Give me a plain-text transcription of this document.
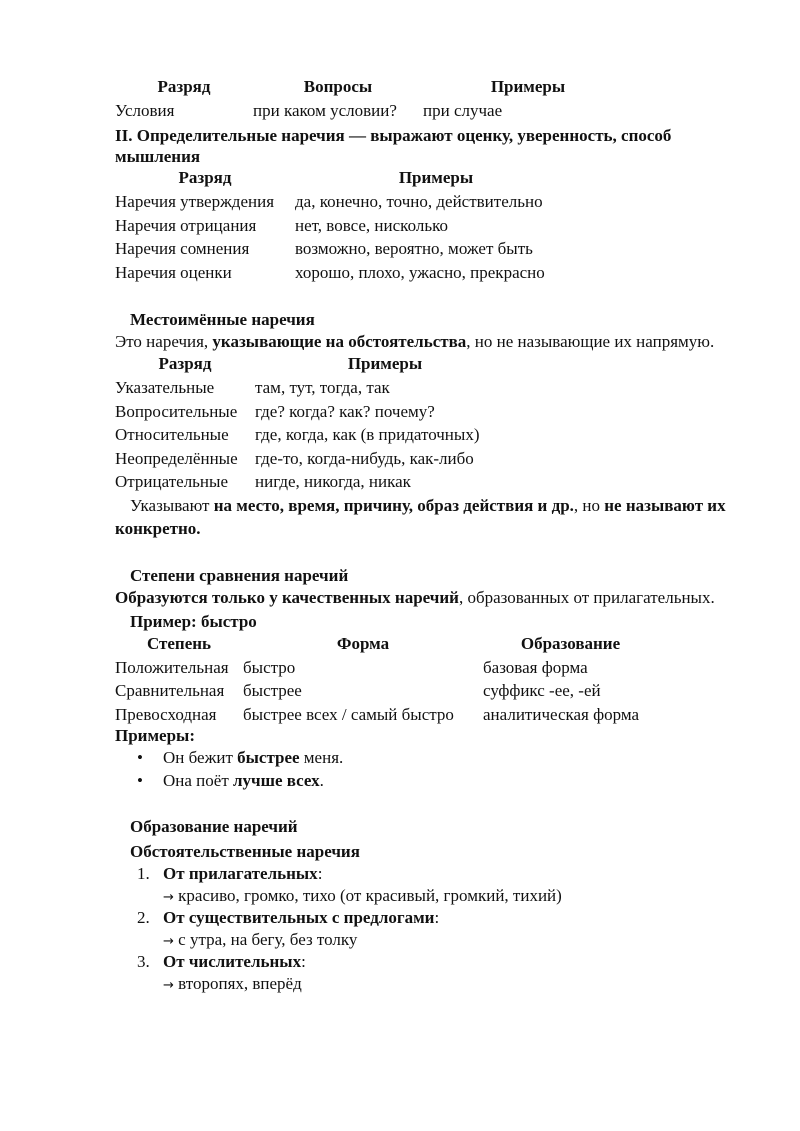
Разряд	Вопросы	Примеры
Условия	при каком условии?	при случае

II. Определительные наречия — выражают оценку, уверенность, способ мышления

Разряд	Примеры
Наречия утверждения	да, конечно, точно, действительно
Наречия отрицания	нет, вовсе, нисколько
Наречия сомнения	возможно, вероятно, может быть
Наречия оценки	хорошо, плохо, ужасно, прекрасно

Местоимённые наречия

Это наречия, указывающие на обстоятельства, но не называющие их напрямую.

Разряд	Примеры
Указательные	там, тут, тогда, так
Вопросительные	где? когда? как? почему?
Относительные	где, когда, как (в придаточных)
Неопределённые	где-то, когда-нибудь, как-либо
Отрицательные	нигде, никогда, никак

Указывают на место, время, причину, образ действия и др., но не называют их конкретно.

Степени сравнения наречий

Образуются только у качественных наречий, образованных от прилагательных.

Пример: быстро

Степень	Форма	Образование
Положительная	быстро	базовая форма
Сравнительная	быстрее	суффикс -ее, -ей
Превосходная	быстрее всех / самый быстро	аналитическая форма

Примеры:

• Он бежит быстрее меня.
• Она поёт лучше всех.

Образование наречий

Обстоятельственные наречия

1. От прилагательных:
→ красиво, громко, тихо (от красивый, громкий, тихий)
2. От существительных с предлогами:
→ с утра, на бегу, без толку
3. От числительных:
→ второпях, вперёд
